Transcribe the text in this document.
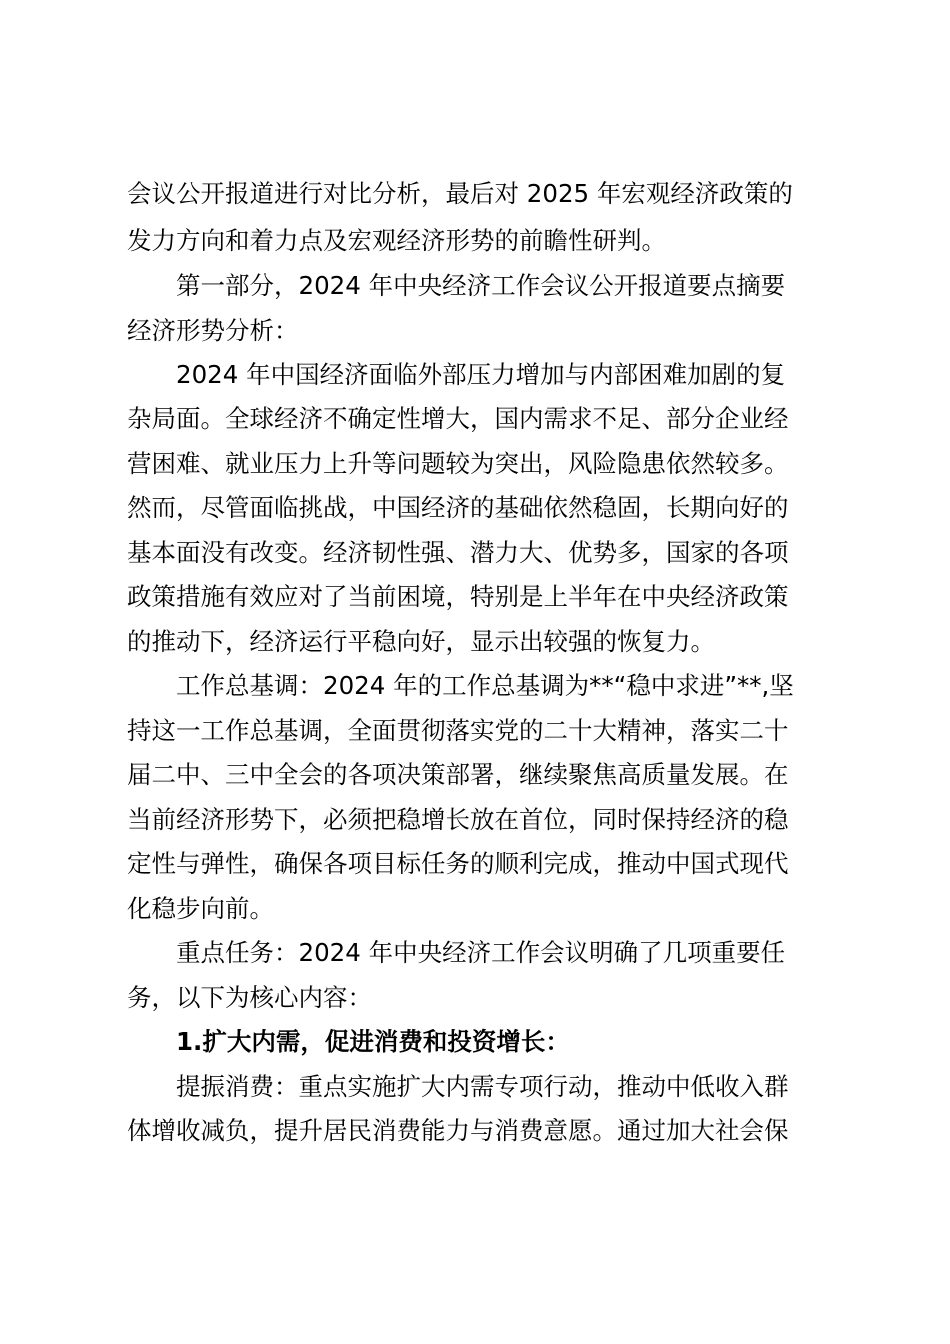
会议公开报道进行对比分析，最后对 2025 年宏观经济政策的
发力方向和着力点及宏观经济形势的前瞻性研判。
第一部分，2024 年中央经济工作会议公开报道要点摘要
经济形势分析：
2024 年中国经济面临外部压力增加与内部困难加剧的复
杂局面。全球经济不确定性增大，国内需求不足、部分企业经
营困难、就业压力上升等问题较为突出，风险隐患依然较多。
然而，尽管面临挑战，中国经济的基础依然稳固，长期向好的
基本面没有改变。经济韧性强、潜力大、优势多，国家的各项
政策措施有效应对了当前困境，特别是上半年在中央经济政策
的推动下，经济运行平稳向好，显示出较强的恢复力。
工作总基调：2024 年的工作总基调为**“稳中求进”**,坚
持这一工作总基调，全面贯彻落实党的二十大精神，落实二十
届二中、三中全会的各项决策部署，继续聚焦高质量发展。在
当前经济形势下，必须把稳增长放在首位，同时保持经济的稳
定性与弹性，确保各项目标任务的顺利完成，推动中国式现代
化稳步向前。
重点任务：2024 年中央经济工作会议明确了几项重要任
务，以下为核心内容：
1.扩大内需，促进消费和投资增长：
提振消费：重点实施扩大内需专项行动，推动中低收入群
体增收减负，提升居民消费能力与消费意愿。通过加大社会保
